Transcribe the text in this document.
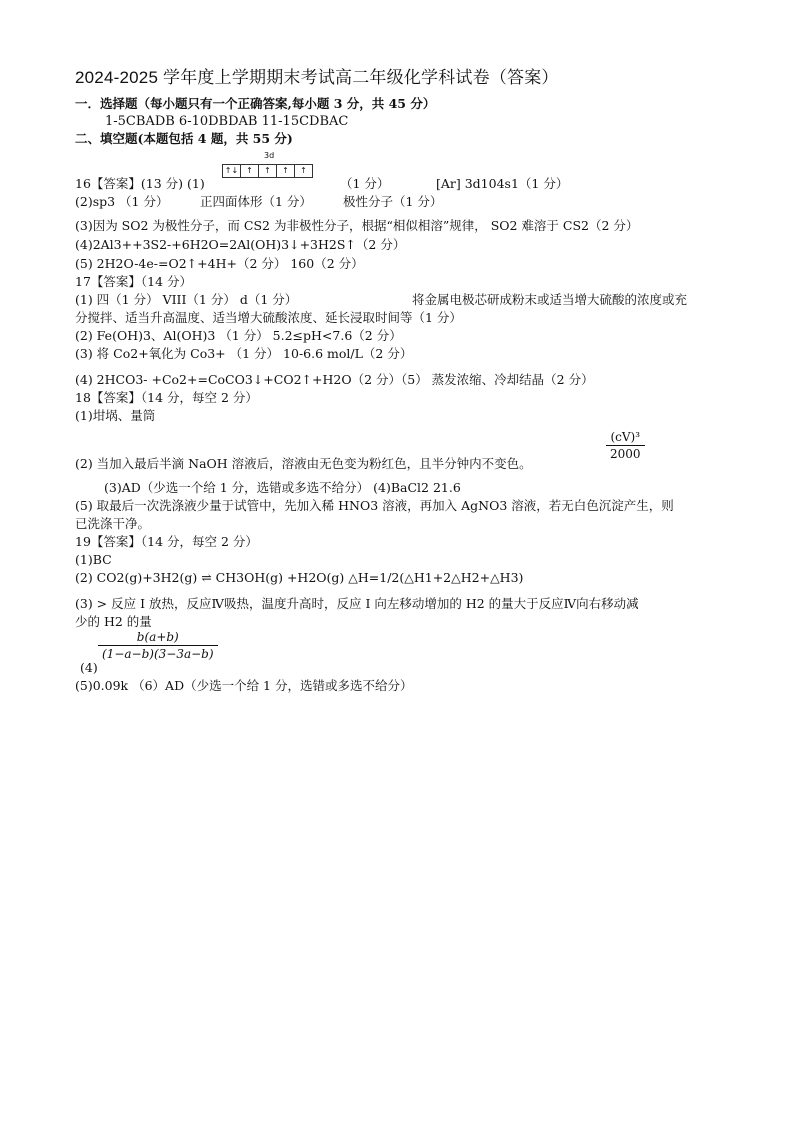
2024-2025 学年度上学期期末考试高二年级化学科试卷（答案）
一．选择题（每小题只有一个正确答案,每小题 3 分，共 45 分）
1-5CBADB 6-10DBDAB 11-15CDBAC
二、填空题(本题包括 4 题，共 55 分)
3d
↑↓ ↑	↑	↑	↑
16【答案】(13 分) (1)	（1 分）	[Ar] 3d104s1（1 分）
(2)sp3 （1 分）	正四面体形（1 分） 极性分子（1 分）
(3)因为 SO2 为极性分子，而 CS2 为非极性分子，根据“相似相溶”规律， SO2 难溶于 CS2（2 分）
(4)2Al3++3S2-+6H2O=2Al(OH)3↓+3H2S↑（2 分）
(5) 2H2O-4e-=O2↑+4H+（2 分） 160（2 分）
17【答案】（14 分）
(1) 四（1 分） VIII（1 分） d（1 分）	将金属电极芯研成粉末或适当增大硫酸的浓度或充
分搅拌、适当升高温度、适当增大硫酸浓度、延长浸取时间等（1 分）
(2) Fe(OH)3、Al(OH)3 （1 分） 5.2≤pH<7.6（2 分）
(3) 将 Co2+氧化为 Co3+ （1 分） 10-6.6 mol/L（2 分）
(4) 2HCO3- +Co2+=CoCO3↓+CO2↑+H2O（2 分）（5） 蒸发浓缩、冷却结晶（2 分）
18【答案】（14 分，每空 2 分）
(1)坩埚、量筒
(cV)³
2000
(2) 当加入最后半滴 NaOH 溶液后，溶液由无色变为粉红色，且半分钟内不变色。
(3)AD（少选一个给 1 分，选错或多选不给分） (4)BaCl2 21.6
(5) 取最后一次洗涤液少量于试管中，先加入稀 HNO3 溶液，再加入 AgNO3 溶液，若无白色沉淀产生，则
已洗涤干净。
19【答案】（14 分，每空 2 分）
(1)BC
(2) CO2(g)+3H2(g) ⇌ CH3OH(g) +H2O(g) △H=1/2(△H1+2△H2+△H3)
(3) > 反应 I 放热，反应Ⅳ吸热，温度升高时，反应 I 向左移动增加的 H2 的量大于反应Ⅳ向右移动减
少的 H2 的量
(4)
b(a+b)
(1−a−b)(3−3a−b)
(5)0.09k （6）AD（少选一个给 1 分，选错或多选不给分）
